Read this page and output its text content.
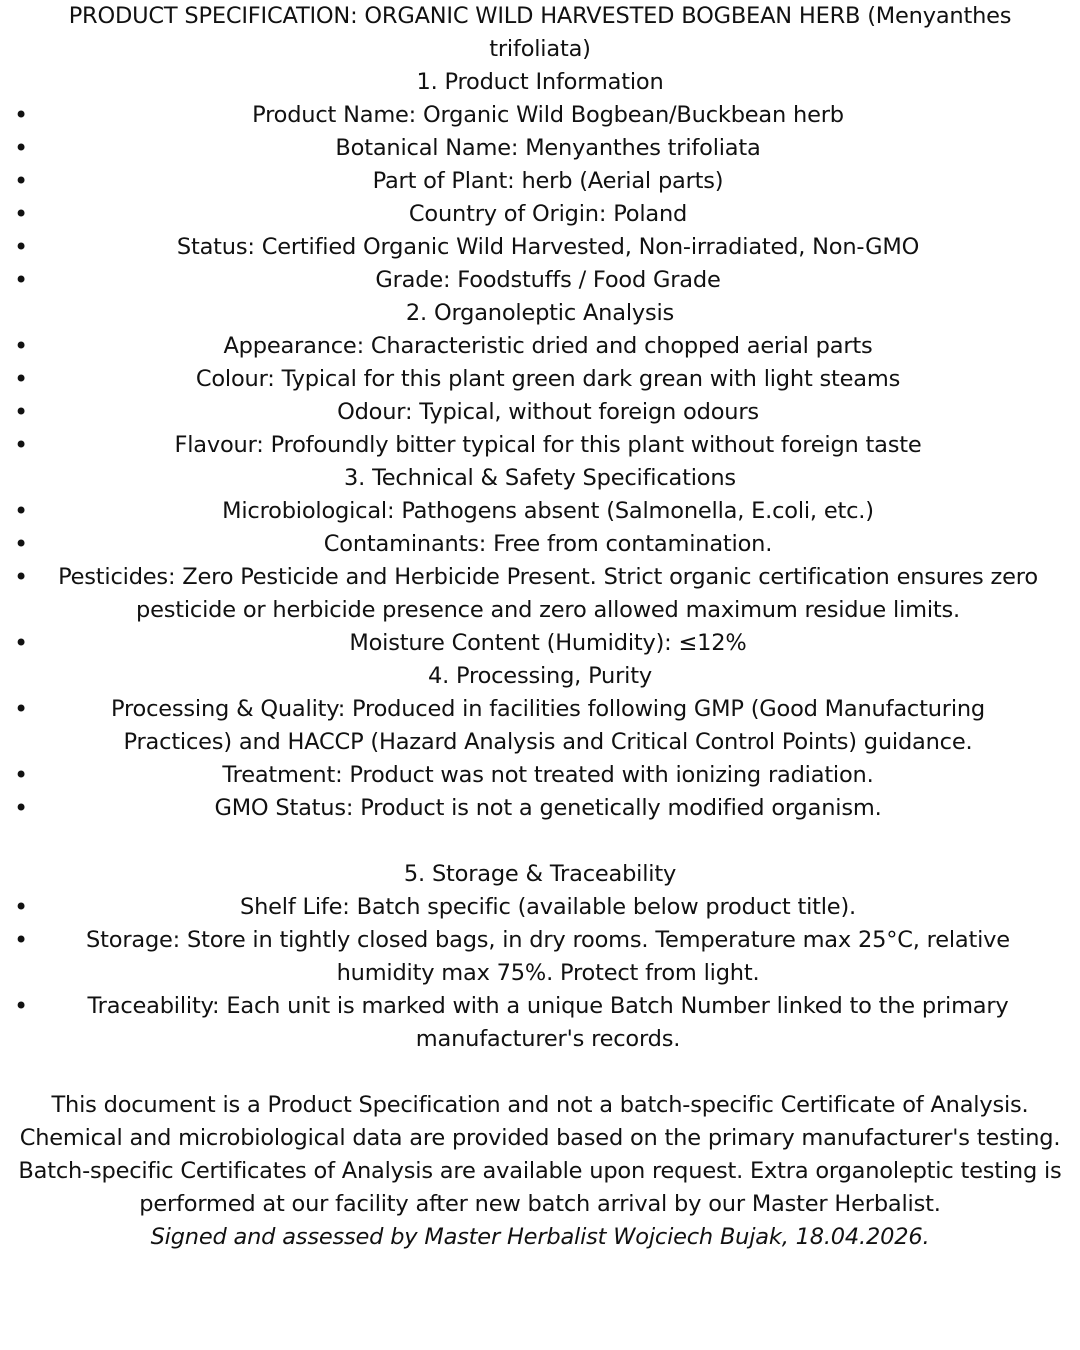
PRODUCT SPECIFICATION: ORGANIC WILD HARVESTED BOGBEAN HERB (Menyanthes trifoliata)
1. Product Information
• Product Name: Organic Wild Bogbean/Buckbean herb
• Botanical Name: Menyanthes trifoliata
• Part of Plant: herb (Aerial parts)
• Country of Origin: Poland
• Status: Certified Organic Wild Harvested, Non-irradiated, Non-GMO
• Grade: Foodstuffs / Food Grade
2. Organoleptic Analysis
• Appearance: Characteristic dried and chopped aerial parts
• Colour: Typical for this plant green dark grean with light steams
• Odour: Typical, without foreign odours
• Flavour: Profoundly bitter typical for this plant without foreign taste
3. Technical & Safety Specifications
• Microbiological: Pathogens absent (Salmonella, E.coli, etc.)
• Contaminants: Free from contamination.
• Pesticides: Zero Pesticide and Herbicide Present. Strict organic certification ensures zero pesticide or herbicide presence and zero allowed maximum residue limits.
• Moisture Content (Humidity): ≤12%
4. Processing, Purity
• Processing & Quality: Produced in facilities following GMP (Good Manufacturing Practices) and HACCP (Hazard Analysis and Critical Control Points) guidance.
• Treatment: Product was not treated with ionizing radiation.
• GMO Status: Product is not a genetically modified organism.
5. Storage & Traceability
• Shelf Life: Batch specific (available below product title).
• Storage: Store in tightly closed bags, in dry rooms. Temperature max 25°C, relative humidity max 75%. Protect from light.
• Traceability: Each unit is marked with a unique Batch Number linked to the primary manufacturer's records.

This document is a Product Specification and not a batch-specific Certificate of Analysis. Chemical and microbiological data are provided based on the primary manufacturer's testing. Batch-specific Certificates of Analysis are available upon request. Extra organoleptic testing is performed at our facility after new batch arrival by our Master Herbalist.

Signed and assessed by Master Herbalist Wojciech Bujak, 18.04.2026.
